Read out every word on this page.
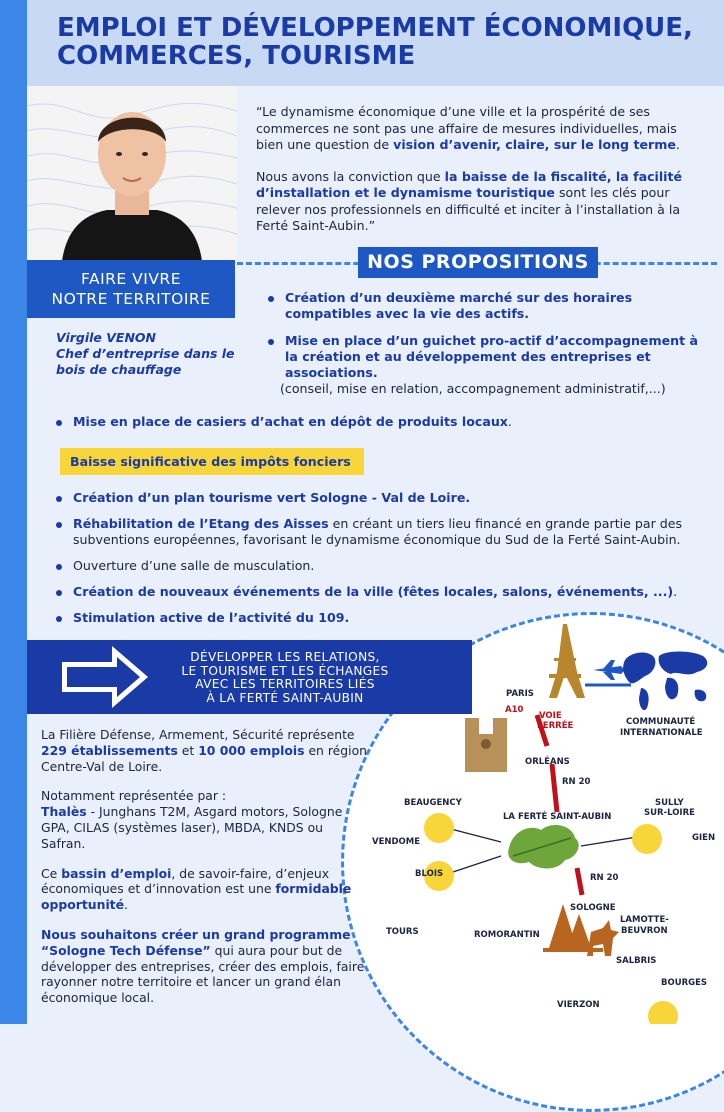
EMPLOI ET DÉVELOPPEMENT ÉCONOMIQUE, COMMERCES, TOURISME

“Le dynamisme économique d’une ville et la prospérité de ses commerces ne sont pas une affaire de mesures individuelles, mais bien une question de vision d’avenir, claire, sur le long terme.

Nous avons la conviction que la baisse de la fiscalité, la facilité d’installation et le dynamisme touristique sont les clés pour relever nos professionnels en difficulté et inciter à l’installation à la Ferté Saint-Aubin.”

FAIRE VIVRE
NOTRE TERRITOIRE
NOS PROPOSITIONS
Virgile VENON
Chef d’entreprise dans le bois de chauffage
Création d’un deuxième marché sur des horaires compatibles avec la vie des actifs.
Mise en place d’un guichet pro-actif d’accompagnement à la création et au développement des entreprises et associations.
(conseil, mise en relation, accompagnement administratif,...)
Mise en place de casiers d’achat en dépôt de produits locaux.
Baisse significative des impôts fonciers
Création d’un plan tourisme vert Sologne - Val de Loire.
Réhabilitation de l’Etang des Aisses en créant un tiers lieu financé en grande partie par des subventions européennes, favorisant le dynamisme économique du Sud de la Ferté Saint-Aubin.
Ouverture d’une salle de musculation.
Création de nouveaux événements de la ville (fêtes locales, salons, événements, ...).
Stimulation active de l’activité du 109.
DÉVELOPPER LES RELATIONS,
LE TOURISME ET LES ÉCHANGES
AVEC LES TERRITOIRES LIÉS
À LA FERTÉ SAINT-AUBIN

La Filière Défense, Armement, Sécurité représente 229 établissements et 10 000 emplois en région Centre-Val de Loire.

Notamment représentée par :
Thalès - Junghans T2M, Asgard motors, Sologne GPA, CILAS (systèmes laser), MBDA, KNDS ou Safran.

Ce bassin d’emploi, de savoir-faire, d’enjeux économiques et d’innovation est une formidable opportunité.

Nous souhaitons créer un grand programme “Sologne Tech Défense” qui aura pour but de développer des entreprises, créer des emplois, faire rayonner notre territoire et lancer un grand élan économique local.

PARIS
A10
VOIE
FERRÉE	COMMUNAUTÉ
INTERNATIONALE
ORLÉANS
RN 20
BEAUGENCY
LA FERTÉ SAINT-AUBIN
SULLY
SUR-LOIRE
GIEN
VENDOME
BLOIS	RN 20
SOLOGNE
LAMOTTE-
BEUVRON
TOURS	ROMORANTIN
SALBRIS
BOURGES
VIERZON
